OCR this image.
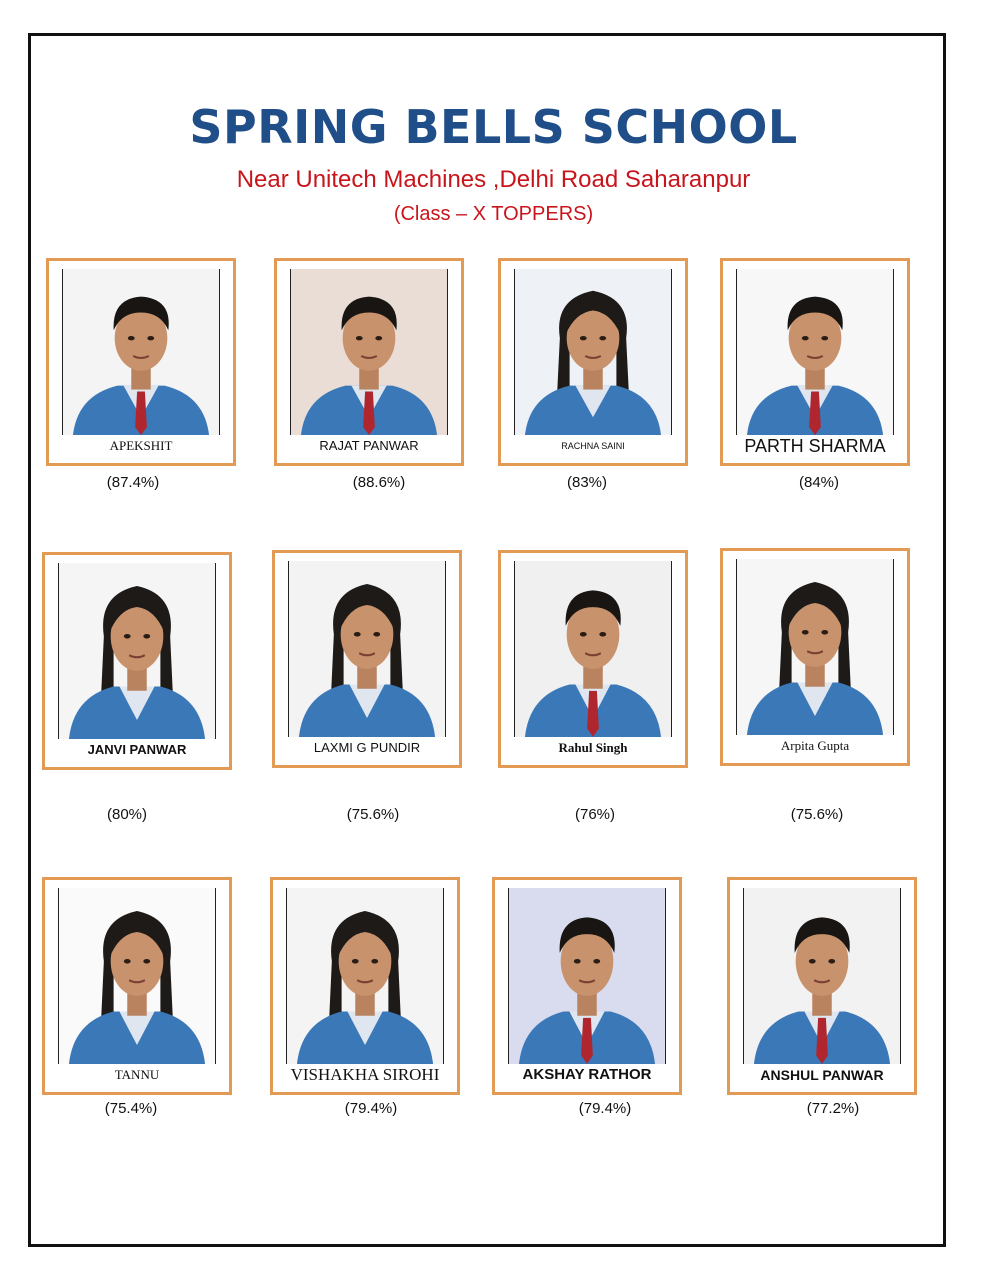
SPRING BELLS SCHOOL
Near Unitech Machines ,Delhi Road Saharanpur
(Class – X TOPPERS)
APEKSHIT
(87.4%)
RAJAT PANWAR
(88.6%)
RACHNA SAINI
(83%)
PARTH SHARMA
(84%)
JANVI PANWAR
(80%)
LAXMI G PUNDIR
(75.6%)
Rahul Singh
(76%)
Arpita Gupta
(75.6%)
TANNU
(75.4%)
VISHAKHA SIROHI
(79.4%)
AKSHAY RATHOR
(79.4%)
ANSHUL PANWAR
(77.2%)
